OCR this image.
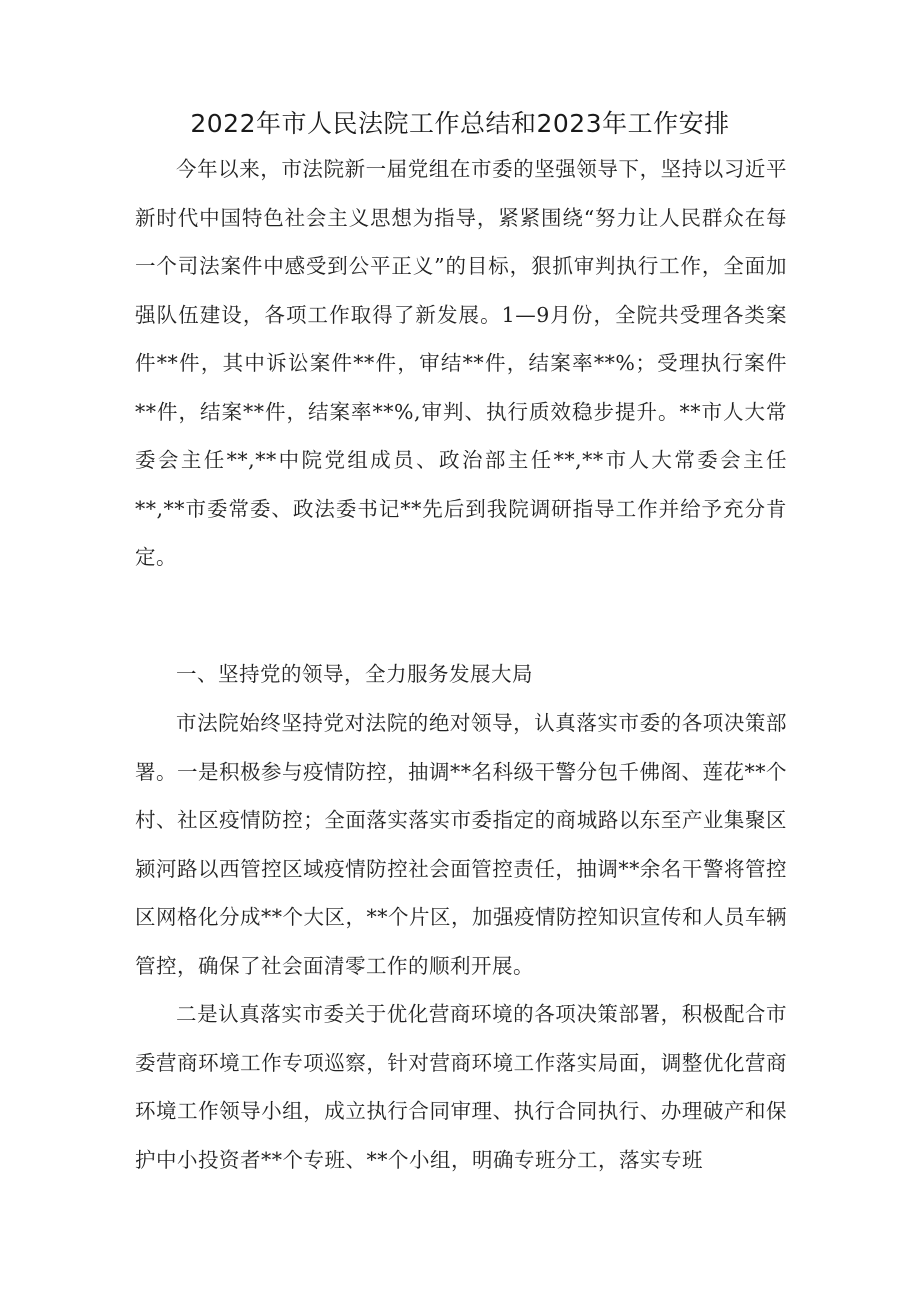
2022年市人民法院工作总结和2023年工作安排

今年以来，市法院新一届党组在市委的坚强领导下，坚持以习近平新时代中国特色社会主义思想为指导，紧紧围绕“努力让人民群众在每一个司法案件中感受到公平正义”的目标，狠抓审判执行工作，全面加强队伍建设，各项工作取得了新发展。1—9月份，全院共受理各类案件**件，其中诉讼案件**件，审结**件，结案率**%；受理执行案件**件，结案**件，结案率**%,审判、执行质效稳步提升。**市人大常委会主任**,**中院党组成员、政治部主任**,**市人大常委会主任**,**市委常委、政法委书记**先后到我院调研指导工作并给予充分肯定。

一、坚持党的领导，全力服务发展大局

市法院始终坚持党对法院的绝对领导，认真落实市委的各项决策部署。一是积极参与疫情防控，抽调**名科级干警分包千佛阁、莲花**个村、社区疫情防控；全面落实落实市委指定的商城路以东至产业集聚区颍河路以西管控区域疫情防控社会面管控责任，抽调**余名干警将管控区网格化分成**个大区，**个片区，加强疫情防控知识宣传和人员车辆管控，确保了社会面清零工作的顺利开展。

二是认真落实市委关于优化营商环境的各项决策部署，积极配合市委营商环境工作专项巡察，针对营商环境工作落实局面，调整优化营商环境工作领导小组，成立执行合同审理、执行合同执行、办理破产和保护中小投资者**个专班、**个小组，明确专班分工，落实专班
